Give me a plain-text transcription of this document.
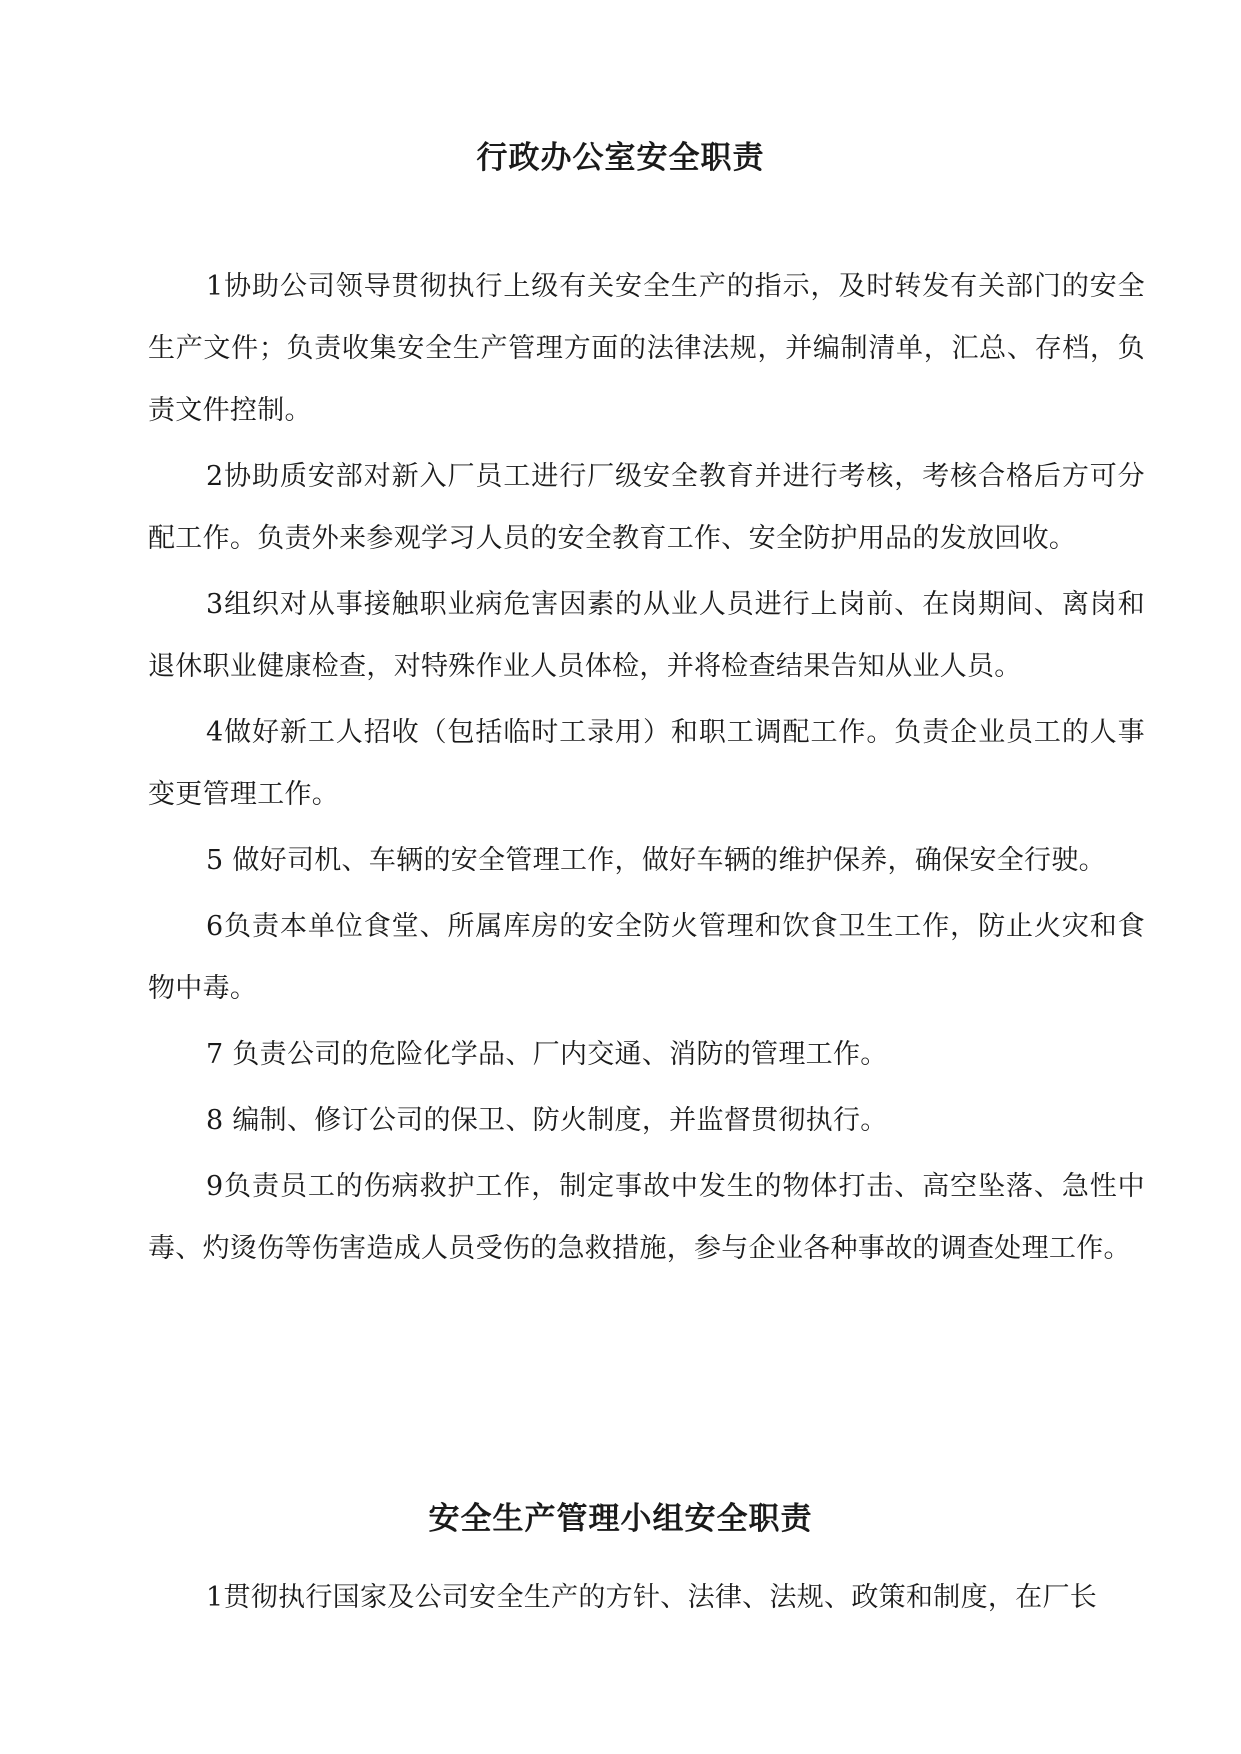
行政办公室安全职责

1协助公司领导贯彻执行上级有关安全生产的指示，及时转发有关部门的安全生产文件；负责收集安全生产管理方面的法律法规，并编制清单，汇总、存档，负责文件控制。

2协助质安部对新入厂员工进行厂级安全教育并进行考核，考核合格后方可分配工作。负责外来参观学习人员的安全教育工作、安全防护用品的发放回收。

3组织对从事接触职业病危害因素的从业人员进行上岗前、在岗期间、离岗和退休职业健康检查，对特殊作业人员体检，并将检查结果告知从业人员。

4做好新工人招收（包括临时工录用）和职工调配工作。负责企业员工的人事变更管理工作。

5 做好司机、车辆的安全管理工作，做好车辆的维护保养，确保安全行驶。

6负责本单位食堂、所属库房的安全防火管理和饮食卫生工作，防止火灾和食物中毒。

7 负责公司的危险化学品、厂内交通、消防的管理工作。

8 编制、修订公司的保卫、防火制度，并监督贯彻执行。

9负责员工的伤病救护工作，制定事故中发生的物体打击、高空坠落、急性中毒、灼烫伤等伤害造成人员受伤的急救措施，参与企业各种事故的调查处理工作。

安全生产管理小组安全职责

1贯彻执行国家及公司安全生产的方针、法律、法规、政策和制度，在厂长
